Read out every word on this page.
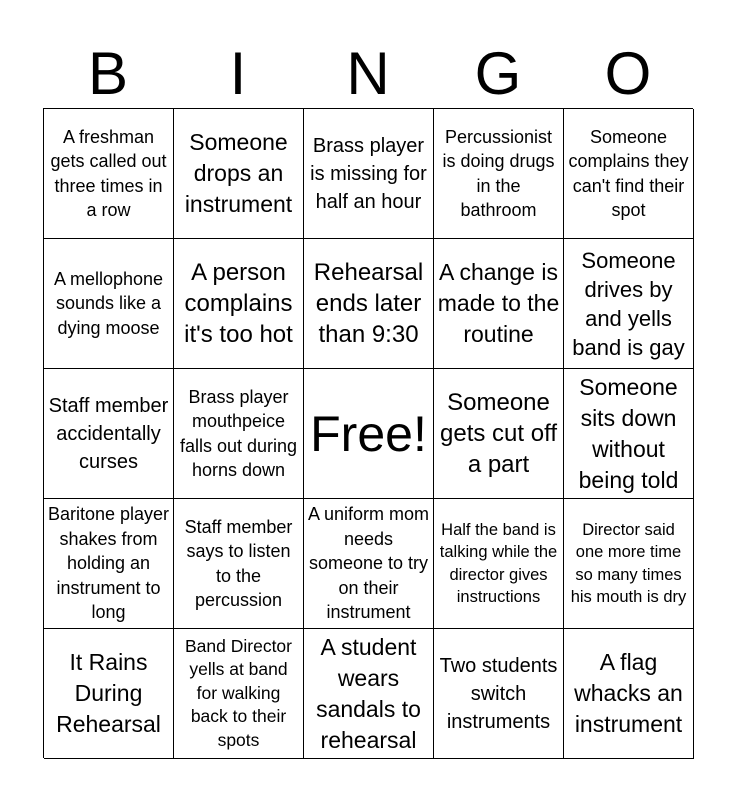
B	I	N	G	O
A freshman gets called out three times in a row
Someone drops an instrument
Brass player is missing for half an hour
Percussionist is doing drugs in the bathroom
Someone complains they can't find their spot
A mellophone sounds like a dying moose
A person complains it's too hot
Rehearsal ends later than 9:30
A change is made to the routine
Someone drives by and yells band is gay
Staff member accidentally curses
Brass player mouthpeice falls out during horns down
Free!
Someone gets cut off a part
Someone sits down without being told
Baritone player shakes from holding an instrument to long
Staff member says to listen to the percussion
A uniform mom needs someone to try on their instrument
Half the band is talking while the director gives instructions
Director said one more time so many times his mouth is dry
It Rains During Rehearsal
Band Director yells at band for walking back to their spots
A student wears sandals to rehearsal
Two students switch instruments
A flag whacks an instrument
